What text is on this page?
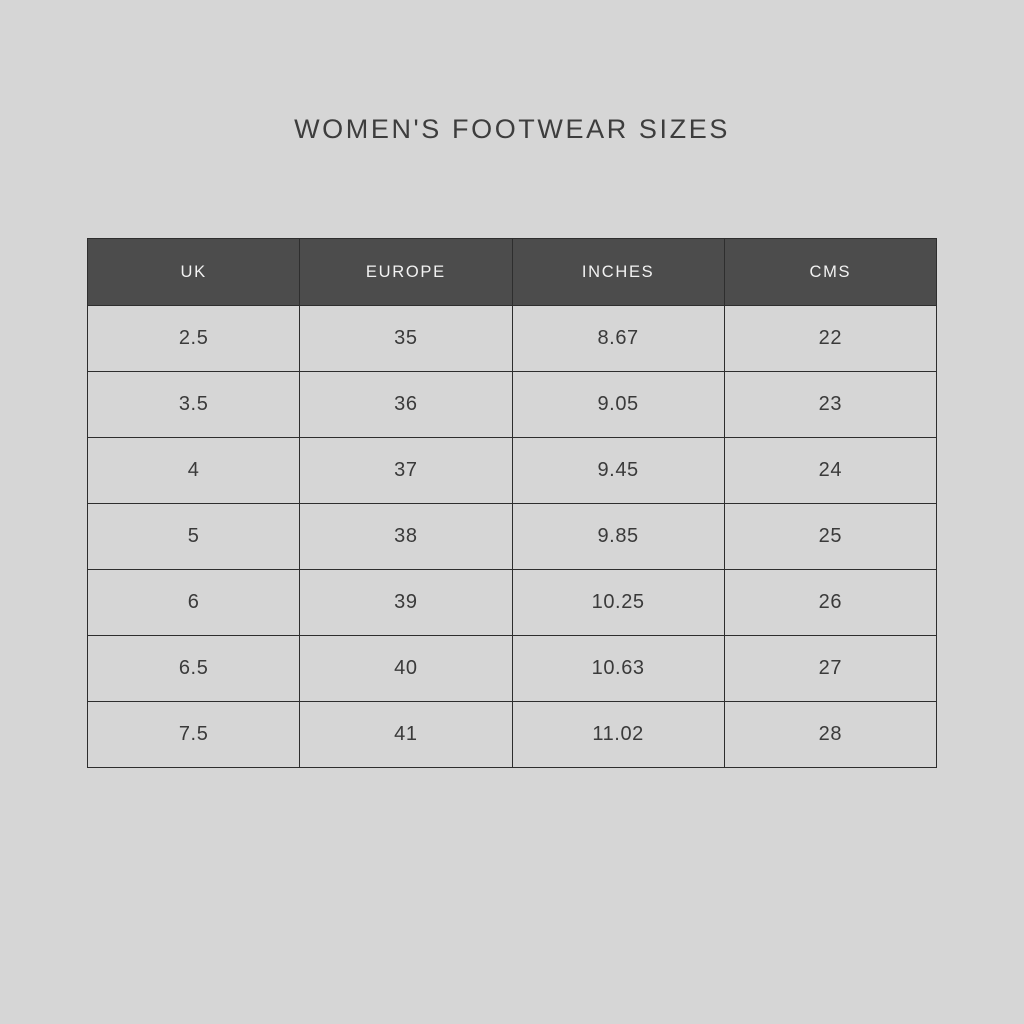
WOMEN'S FOOTWEAR SIZES
UK	EUROPE	INCHES	CMS
2.5	35	8.67	22
3.5	36	9.05	23
4	37	9.45	24
5	38	9.85	25
6	39	10.25	26
6.5	40	10.63	27
7.5	41	11.02	28
